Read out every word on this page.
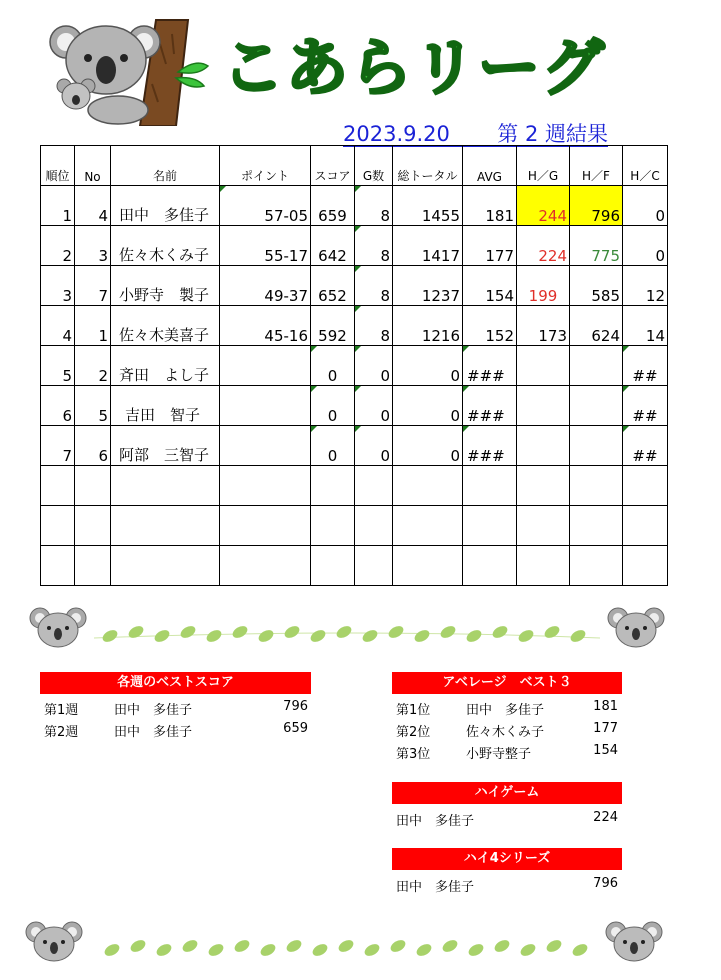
こあらリーグ
2023.9.20 第 2 週結果
順位	No	名前	ポイント	スコア	G数	総トータル	AVG	H／G	H／F	H／C
1	4	田中　多佳子	57-05	659	8	1455	181	244	796	0
2	3	佐々木くみ子	55-17	642	8	1417	177	224	775	0
3	7	小野寺　製子	49-37	652	8	1237	154	199	585	12
4	1	佐々木美喜子	45-16	592	8	1216	152	173	624	14
5	2	斉田　よし子		0	0	0	###			##
6	5	吉田　智子		0	0	0	###			##
7	6	阿部　三智子		0	0	0	###			##

各週のベストスコア
第1週	田中　多佳子	796
第2週	田中　多佳子	659
アベレージ　ベスト３
第1位	田中　多佳子	181
第2位	佐々木くみ子	177
第3位	小野寺整子	154
ハイゲーム
田中　多佳子	224
ハイ4シリーズ
田中　多佳子	796
